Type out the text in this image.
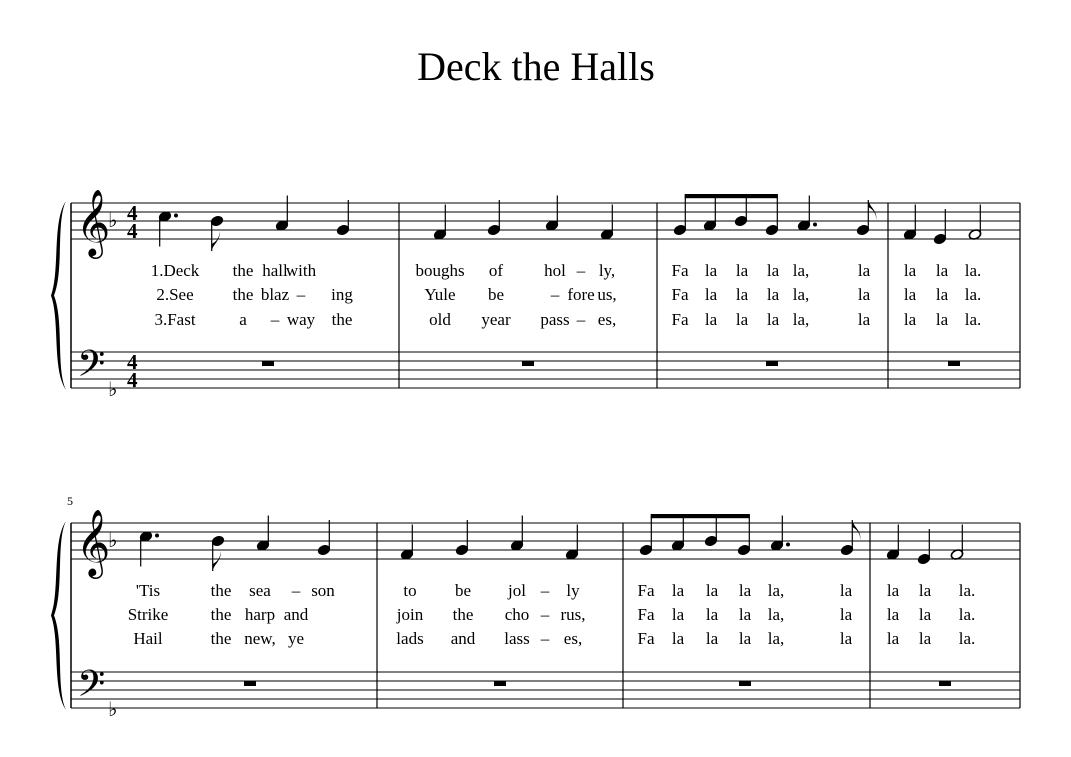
Deck the Halls
𝄞
𝄢
♭
♭
4
4
4
4
1.Deck the hall
with
2.See the blaz – ing
3.Fast	a – way the
boughs of hol – ly,
Yule be	– fore us,
old year pass – es,
Fa la la la la,	la
Fa la la la la,	la
Fa la la la la,	la
la la la.
la la la.
la la la.
5
𝄞
𝄢
♭
♭
'Tis	the sea – son
Strike the harp and
Hail	the new, ye
to be jol – ly
join the cho – rus,
lads and lass – es,
Fa la la la la,	la
Fa la la la la,	la
Fa la la la la,	la
la la la.
la la la.
la la la.
